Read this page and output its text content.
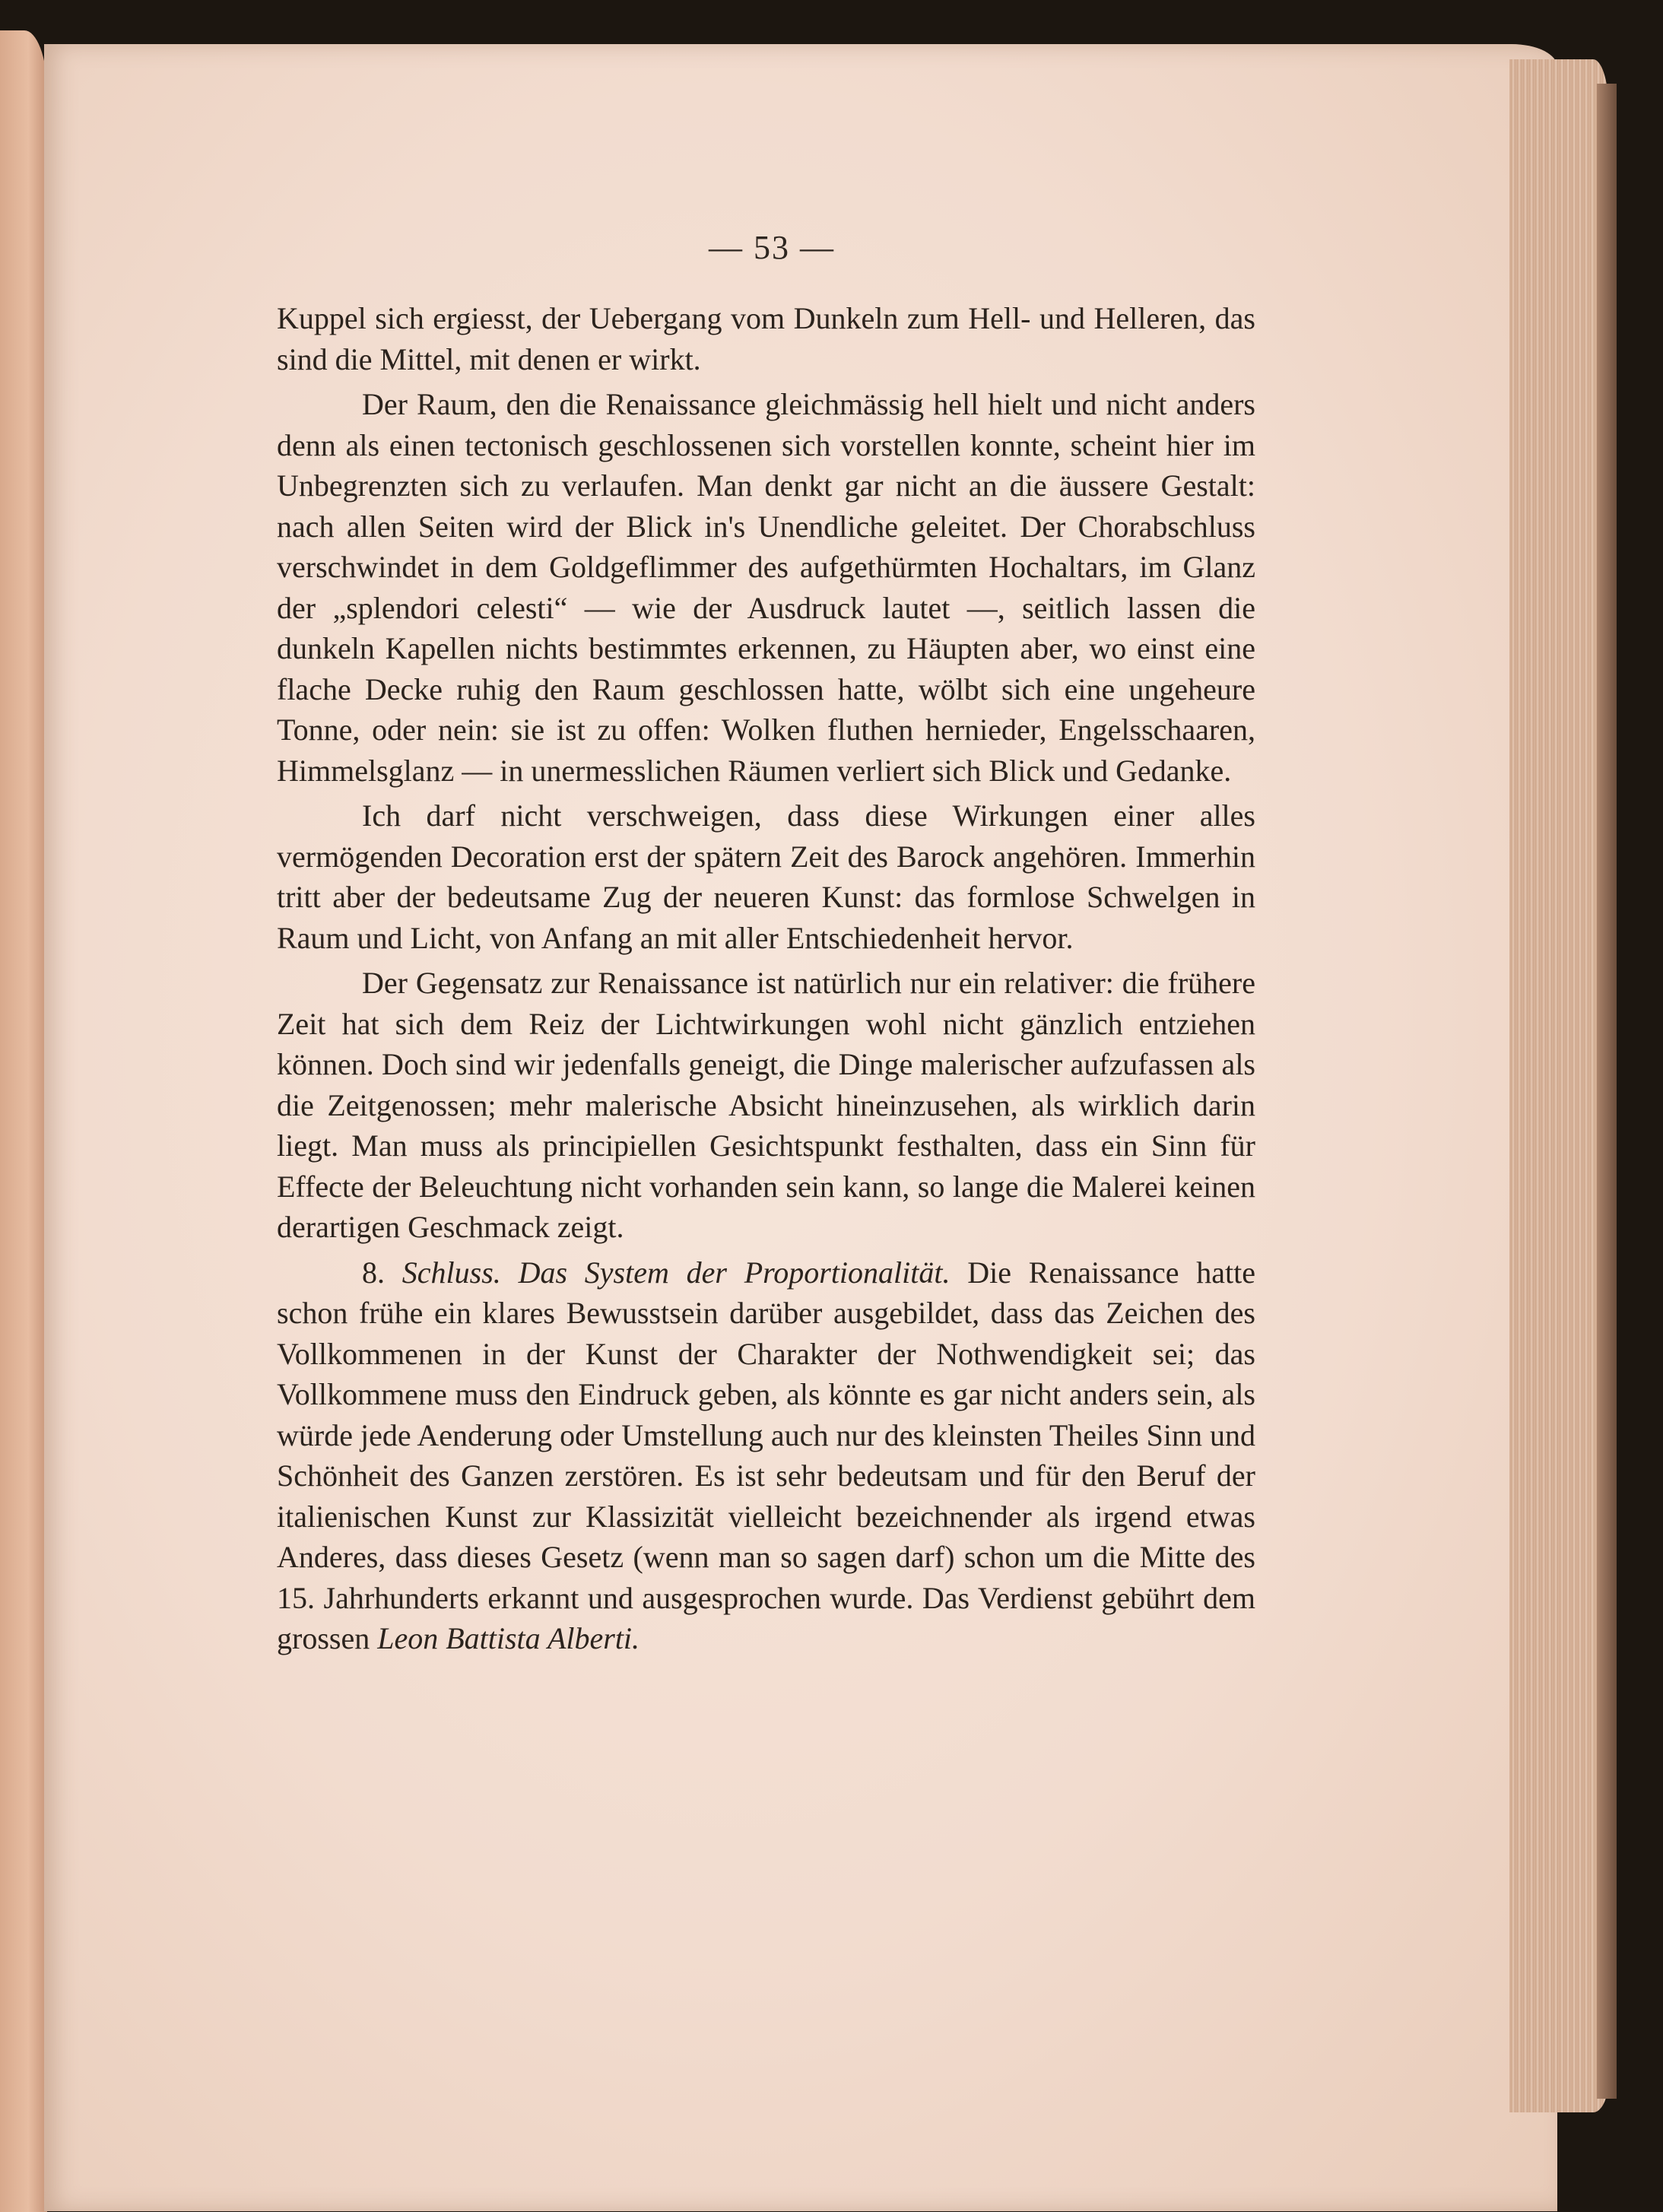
— 53 —

Kuppel sich ergiesst, der Uebergang vom Dunkeln zum Hell- und Helleren, das sind die Mittel, mit denen er wirkt.

Der Raum, den die Renaissance gleichmässig hell hielt und nicht anders denn als einen tectonisch geschlossenen sich vorstellen konnte, scheint hier im Unbegrenzten sich zu verlaufen. Man denkt gar nicht an die äussere Gestalt: nach allen Seiten wird der Blick in's Unendliche geleitet. Der Chorabschluss verschwindet in dem Goldgeflimmer des aufgethürmten Hochaltars, im Glanz der „splendori celesti“ — wie der Ausdruck lautet —, seitlich lassen die dunkeln Kapellen nichts bestimmtes erkennen, zu Häupten aber, wo einst eine flache Decke ruhig den Raum geschlossen hatte, wölbt sich eine ungeheure Tonne, oder nein: sie ist zu offen: Wolken fluthen hernieder, Engelsschaaren, Himmelsglanz — in unermesslichen Räumen verliert sich Blick und Gedanke.

Ich darf nicht verschweigen, dass diese Wirkungen einer alles vermögenden Decoration erst der spätern Zeit des Barock angehören. Immerhin tritt aber der bedeutsame Zug der neueren Kunst: das formlose Schwelgen in Raum und Licht, von Anfang an mit aller Entschiedenheit hervor.

Der Gegensatz zur Renaissance ist natürlich nur ein relativer: die frühere Zeit hat sich dem Reiz der Lichtwirkungen wohl nicht gänzlich entziehen können. Doch sind wir jedenfalls geneigt, die Dinge malerischer aufzufassen als die Zeitgenossen; mehr malerische Absicht hineinzusehen, als wirklich darin liegt. Man muss als principiellen Gesichtspunkt festhalten, dass ein Sinn für Effecte der Beleuchtung nicht vorhanden sein kann, so lange die Malerei keinen derartigen Geschmack zeigt.

8. Schluss. Das System der Proportionalität. Die Renaissance hatte schon frühe ein klares Bewusstsein darüber ausgebildet, dass das Zeichen des Vollkommenen in der Kunst der Charakter der Nothwendigkeit sei; das Vollkommene muss den Eindruck geben, als könnte es gar nicht anders sein, als würde jede Aenderung oder Umstellung auch nur des kleinsten Theiles Sinn und Schönheit des Ganzen zerstören. Es ist sehr bedeutsam und für den Beruf der italienischen Kunst zur Klassizität vielleicht bezeichnender als irgend etwas Anderes, dass dieses Gesetz (wenn man so sagen darf) schon um die Mitte des 15. Jahrhunderts erkannt und ausgesprochen wurde. Das Verdienst gebührt dem grossen Leon Battista Alberti.
